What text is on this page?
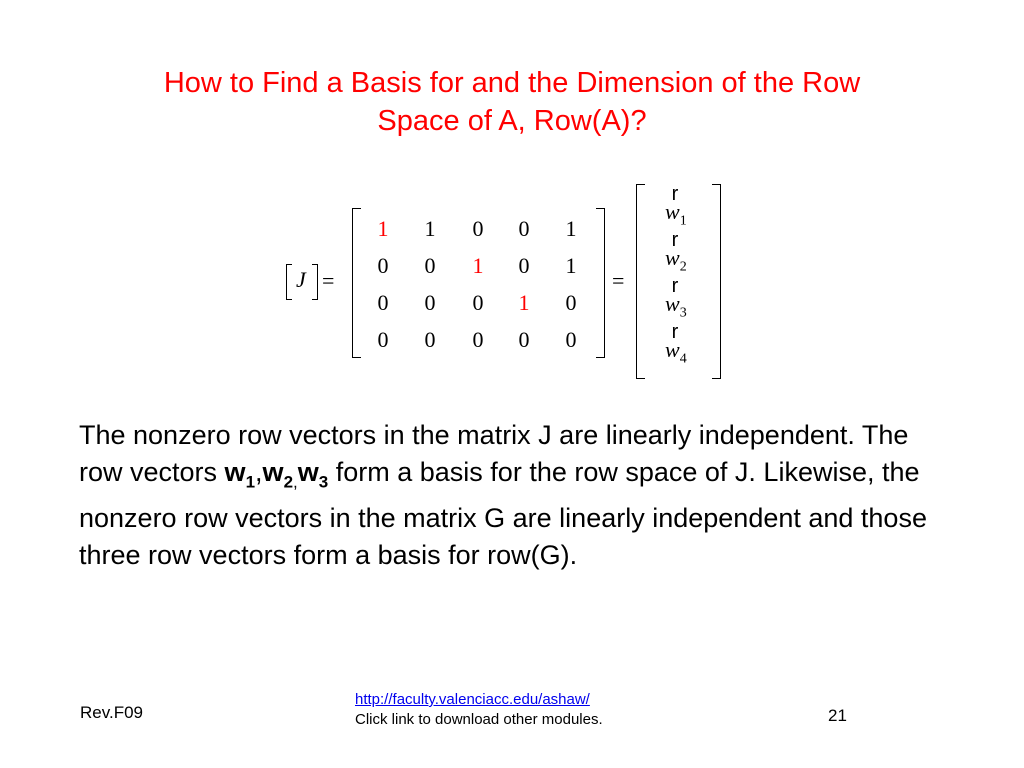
How to Find a Basis for and the Dimension of the Row
Space of A, Row(A)?
J =
1	1	0	0	1
0	0	1	0	1
0	0	0	1	0
0	0	0	0	0
=
r
$w_1$
r
$w_2$
r
$w_3$
r
$w_4$

The nonzero row vectors in the matrix J are linearly independent. The row vectors $w_1,w_{2,}w_3$ form a basis for the row space of J. Likewise, the nonzero row vectors in the matrix G are linearly independent and those three row vectors form a basis for row(G).

Rev.F09
http://faculty.valenciacc.edu/ashaw/
Click link to download other modules.	21
